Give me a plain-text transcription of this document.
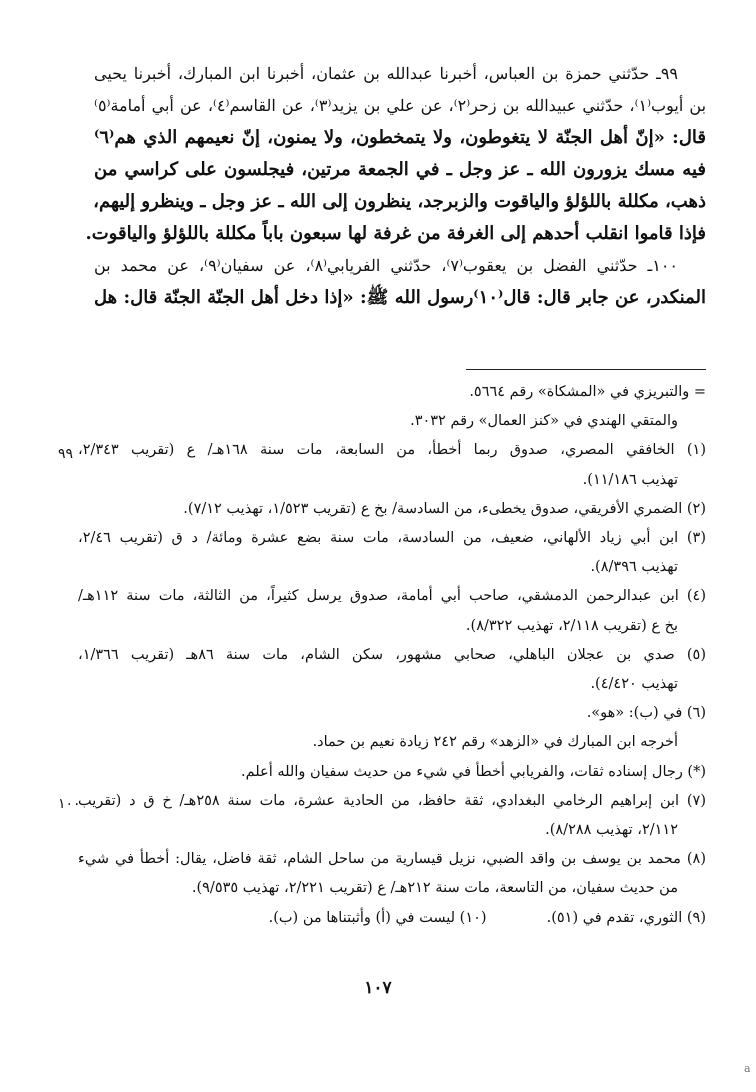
٩٩ـ حدّثني حمزة بن العباس، أخبرنا عبدالله بن عثمان، أخبرنا ابن المبارك، أخبرنا يحيى

بن أيوب⁽١⁾، حدّثني عبيدالله بن زحر⁽٢⁾، عن علي بن يزيد⁽٣⁾، عن القاسم⁽٤⁾، عن أبي أمامة⁽٥⁾

قال: «إنّ أهل الجنّة لا يتغوطون، ولا يتمخطون، ولا يمنون، إنّ نعيمهم الذي هم⁽٦⁾

فيه مسك يزورون الله ـ عز وجل ـ في الجمعة مرتين، فيجلسون على كراسي من

ذهب، مكللة باللؤلؤ والياقوت والزبرجد، ينظرون إلى الله ـ عز وجل ـ وينظرو إليهم،

فإذا قاموا انقلب أحدهم إلى الغرفة من غرفة لها سبعون باباً مكللة باللؤلؤ والياقوت.

١٠٠ـ حدّثني الفضل بن يعقوب⁽٧⁾، حدّثني الفريابي⁽٨⁾، عن سفيان⁽٩⁾، عن محمد بن

المنكدر، عن جابر قال: قال⁽١٠⁾رسول الله ﷺ: «إذا دخل أهل الجنّة الجنّة قال: هل

= والتبريزي في «المشكاة» رقم ٥٦٦٤.

والمتقي الهندي في «كنز العمال» رقم ٣٠٣٢.

(١) الخافقي المصري، صدوق ربما أخطأ، من السابعة، مات سنة ١٦٨هـ/ ع (تقريب ٢/٣٤٣،

تهذيب ١١/١٨٦).

(٢) الضمري الأفريقي، صدوق يخطىء، من السادسة/ بخ ع (تقريب ١/٥٢٣، تهذيب ٧/١٢).

(٣) ابن أبي زياد الألهاني، ضعيف، من السادسة، مات سنة بضع عشرة ومائة/ د ق (تقريب ٢/٤٦،

تهذيب ٨/٣٩٦).

(٤) ابن عبدالرحمن الدمشقي، صاحب أبي أمامة، صدوق يرسل كثيراً، من الثالثة، مات سنة ١١٢هـ/

بخ ع (تقريب ٢/١١٨، تهذيب ٨/٣٢٢).

(٥) صدي بن عجلان الباهلي، صحابي مشهور، سكن الشام، مات سنة ٨٦هـ (تقريب ١/٣٦٦،

تهذيب ٤/٤٢٠).

(٦) في (ب): «هو».

أخرجه ابن المبارك في «الزهد» رقم ٢٤٢ زيادة نعيم بن حماد.

(*) رجال إسناده ثقات، والفريابي أخطأ في شيء من حديث سفيان والله أعلم.

(٧) ابن إبراهيم الرخامي البغدادي، ثقة حافظ، من الحادية عشرة، مات سنة ٢٥٨هـ/ خ ق د (تقريب

٢/١١٢، تهذيب ٨/٢٨٨).

(٨) محمد بن يوسف بن واقد الضبي، نزيل قيسارية من ساحل الشام، ثقة فاضل، يقال: أخطأ في شيء

من حديث سفيان، من التاسعة، مات سنة ٢١٢هـ/ ع (تقريب ٢/٢٢١، تهذيب ٩/٥٣٥).

(٩) الثوري، تقدم في (٥١).
(١٠) ليست في (أ) وأثبتناها من (ب).
٩٩
١٠٠
١٠٧
a
